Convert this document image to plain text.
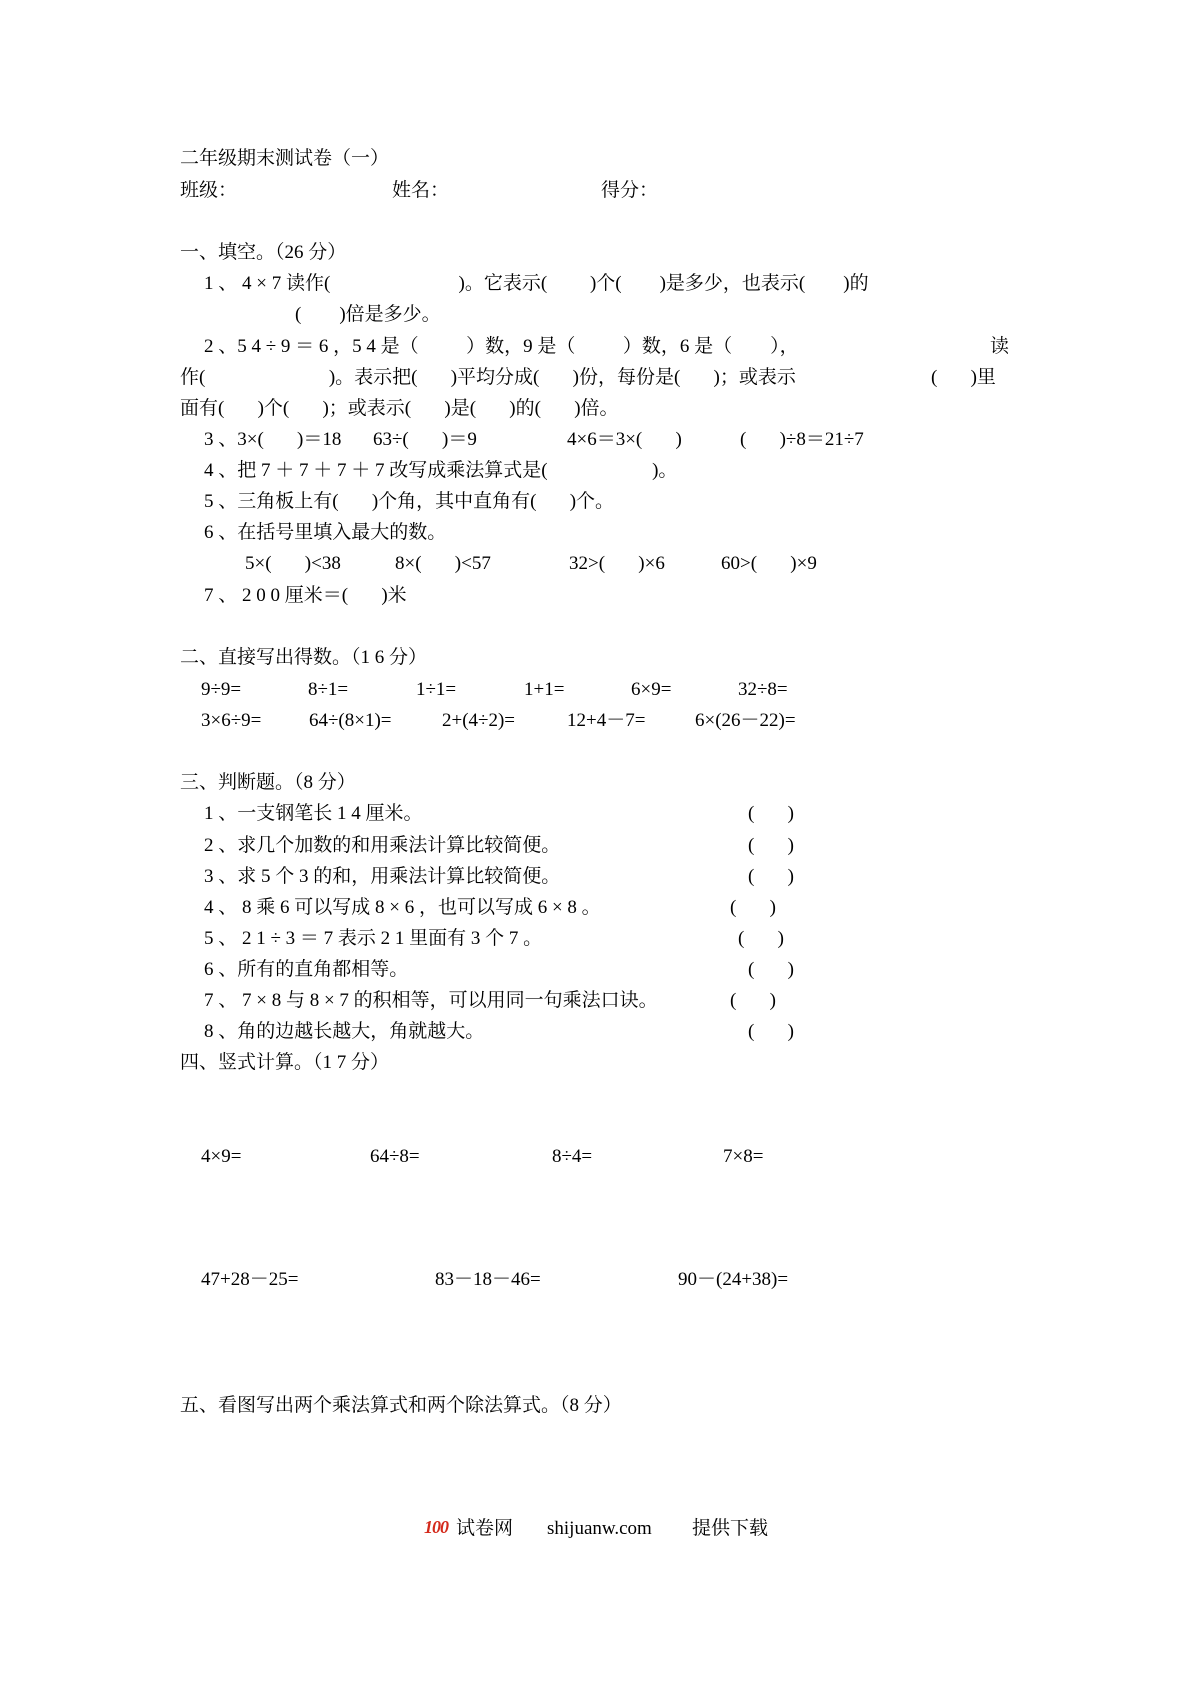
二年级期末测试卷（一）
班级：	姓名：	得分：
一、填空。（26 分）
1 、 4 × 7 读作(                           )。它表示(         )个(        )是多少，也表示(        )的
(        )倍是多少。
2 、5 4 ÷ 9 ＝ 6 ，5 4 是（          ）数，9 是（          ）数，6 是（        ），	读
作(                          )。表示把(       )平均分成(       )份，每份是(       )；或表示	(       )里
面有(       )个(       )；或表示(       )是(       )的(       )倍。
3 、3×(       )＝18 63÷(       )＝9	4×6＝3×(       )	(       )÷8＝21÷7
4 、把 7 ＋ 7 ＋ 7 ＋ 7 改写成乘法算式是(                      )。
5 、三角板上有(       )个角，其中直角有(       )个。
6 、在括号里填入最大的数。
5×(       )<38	8×(       )<57	32>(       )×6	60>(       )×9
7 、 2 0 0 厘米＝(       )米
二、直接写出得数。（1 6 分）
9÷9=	8÷1=	1÷1=	1+1=	6×9=	32÷8=
3×6÷9=	64÷(8×1)=	2+(4÷2)=	12+4－7=	6×(26－22)=
三、判断题。（8 分）
1 、一支钢笔长 1 4 厘米。	(       )
2 、求几个加数的和用乘法计算比较简便。	(       )
3 、求 5 个 3 的和，用乘法计算比较简便。	(       )
4 、 8 乘 6 可以写成 8 × 6 ，也可以写成 6 × 8 。	(       )
5 、 2 1 ÷ 3 ＝ 7 表示 2 1 里面有 3 个 7 。	(       )
6 、所有的直角都相等。	(       )
7 、 7 × 8 与 8 × 7 的积相等，可以用同一句乘法口诀。	(       )
8 、角的边越长越大，角就越大。	(       )
四、竖式计算。（1 7 分）
4×9=	64÷8=	8÷4=	7×8=
47+28－25=	83－18－46=	90－(24+38)=
五、看图写出两个乘法算式和两个除法算式。（8 分）
100 试卷网 shijuanw.com 提供下载
